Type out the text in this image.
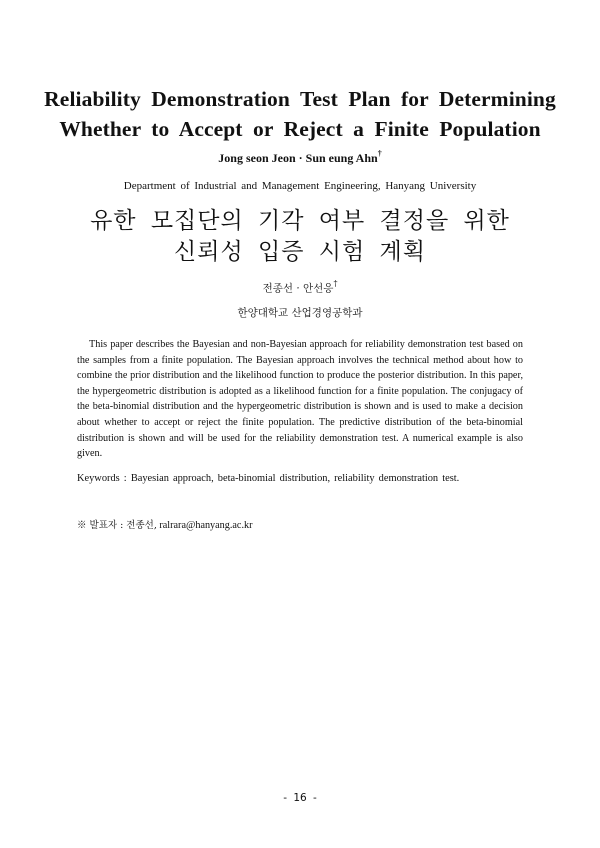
Reliability Demonstration Test Plan for Determining
Whether to Accept or Reject a Finite Population
Jong seon Jeon · Sun eung Ahn†
Department of Industrial and Management Engineering, Hanyang University
유한 모집단의 기각 여부 결정을 위한
신뢰성 입증 시험 계획
전종선 · 안선응†
한양대학교 산업경영공학과
This paper describes the Bayesian and non-Bayesian approach for reliability demonstration test based on the samples from a finite population. The Bayesian approach involves the technical method about how to combine the prior distribution and the likelihood function to produce the posterior distribution. In this paper, the hypergeometric distribution is adopted as a likelihood function for a finite population. The conjugacy of the beta-binomial distribution and the hypergeometric distribution is shown and is used to make a decision about whether to accept or reject the finite population. The predictive distribution of the beta-binomial distribution is shown and will be used for the reliability demonstration test. A numerical example is also given.
Keywords : Bayesian approach, beta-binomial distribution, reliability demonstration test.
※ 발표자 : 전종선, ralrara@hanyang.ac.kr
- 16 -
